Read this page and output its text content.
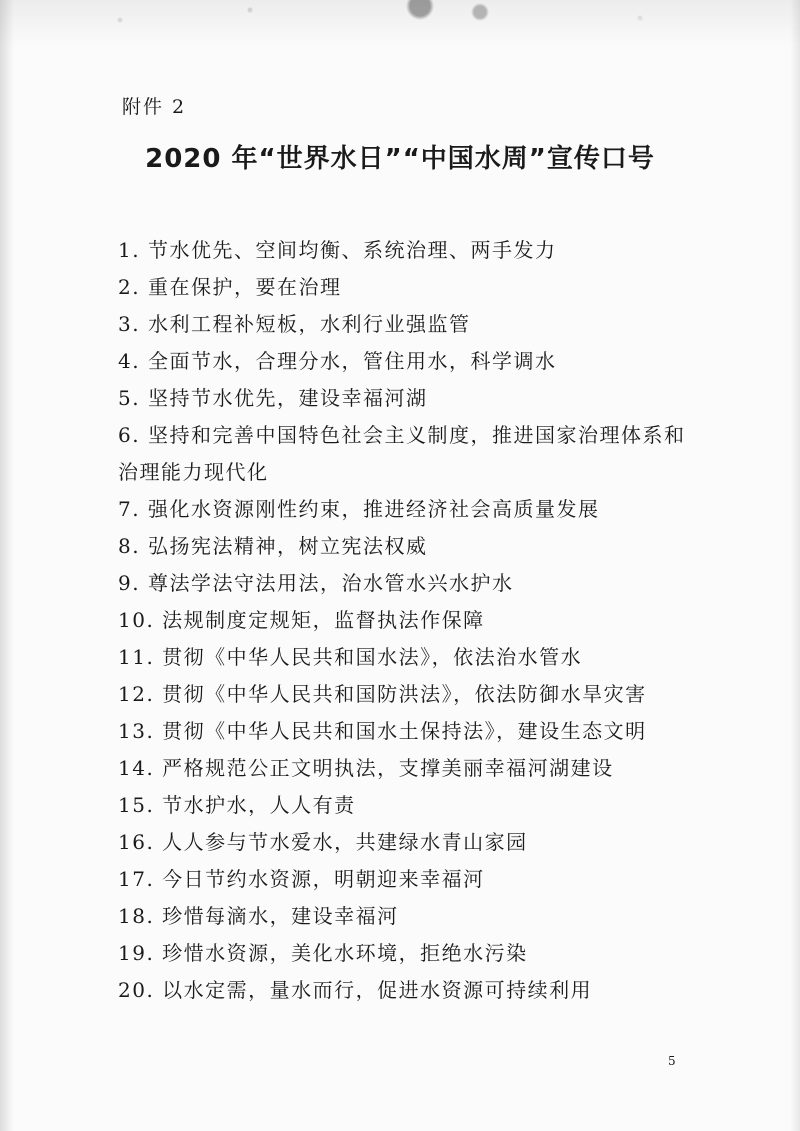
附件 2
2020 年“世界水日”“中国水周”宣传口号
1. 节水优先、空间均衡、系统治理、两手发力
2. 重在保护，要在治理
3. 水利工程补短板，水利行业强监管
4. 全面节水，合理分水，管住用水，科学调水
5. 坚持节水优先，建设幸福河湖
6. 坚持和完善中国特色社会主义制度，推进国家治理体系和
治理能力现代化
7. 强化水资源刚性约束，推进经济社会高质量发展
8. 弘扬宪法精神，树立宪法权威
9. 尊法学法守法用法，治水管水兴水护水
10. 法规制度定规矩，监督执法作保障
11. 贯彻《中华人民共和国水法》，依法治水管水
12. 贯彻《中华人民共和国防洪法》，依法防御水旱灾害
13. 贯彻《中华人民共和国水土保持法》，建设生态文明
14. 严格规范公正文明执法，支撑美丽幸福河湖建设
15. 节水护水，人人有责
16. 人人参与节水爱水，共建绿水青山家园
17. 今日节约水资源，明朝迎来幸福河
18. 珍惜每滴水，建设幸福河
19. 珍惜水资源，美化水环境，拒绝水污染
20. 以水定需，量水而行，促进水资源可持续利用
5
